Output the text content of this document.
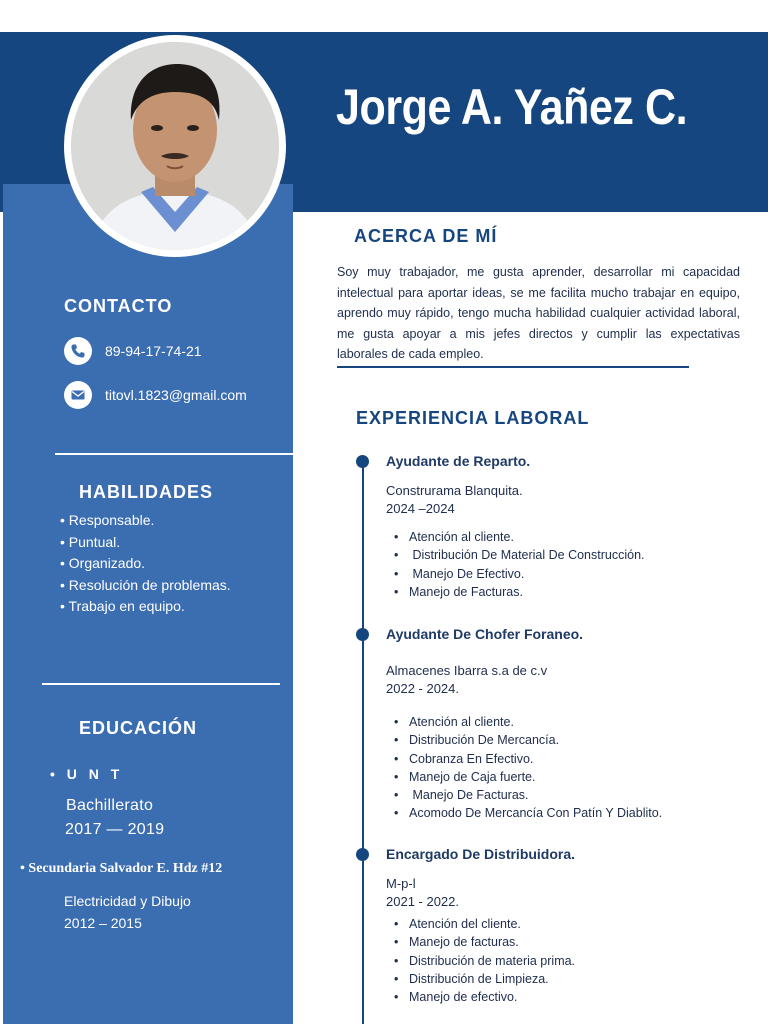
Jorge A. Yañez C.
CONTACTO
89-94-17-74-21
titovl.1823@gmail.com
HABILIDADES
• Responsable.
• Puntual.
• Organizado.
• Resolución de problemas.
• Trabajo en equipo.
EDUCACIÓN
• U N T
Bachillerato
2017 — 2019
• Secundaria Salvador E. Hdz #12
Electricidad y Dibujo
2012 – 2015
ACERCA DE MÍ
Soy muy trabajador, me gusta aprender, desarrollar mi capacidad intelectual para aportar ideas, se me facilita mucho trabajar en equipo, aprendo muy rápido, tengo mucha habilidad cualquier actividad laboral, me gusta apoyar a mis jefes directos y cumplir las expectativas laborales de cada empleo.
EXPERIENCIA LABORAL
Ayudante de Reparto.
Construrama Blanquita.
2024 –2024
• Atención al cliente.
• Distribución De Material De Construcción.
• Manejo De Efectivo.
• Manejo de Facturas.
Ayudante De Chofer Foraneo.
Almacenes Ibarra s.a de c.v
2022 - 2024.
• Atención al cliente.
• Distribución De Mercancía.
• Cobranza En Efectivo.
• Manejo de Caja fuerte.
• Manejo De Facturas.
• Acomodo De Mercancía Con Patín Y Diablito.
Encargado De Distribuidora.
M-p-l
2021 - 2022.
• Atención del cliente.
• Manejo de facturas.
• Distribución de materia prima.
• Distribución de Limpieza.
• Manejo de efectivo.
